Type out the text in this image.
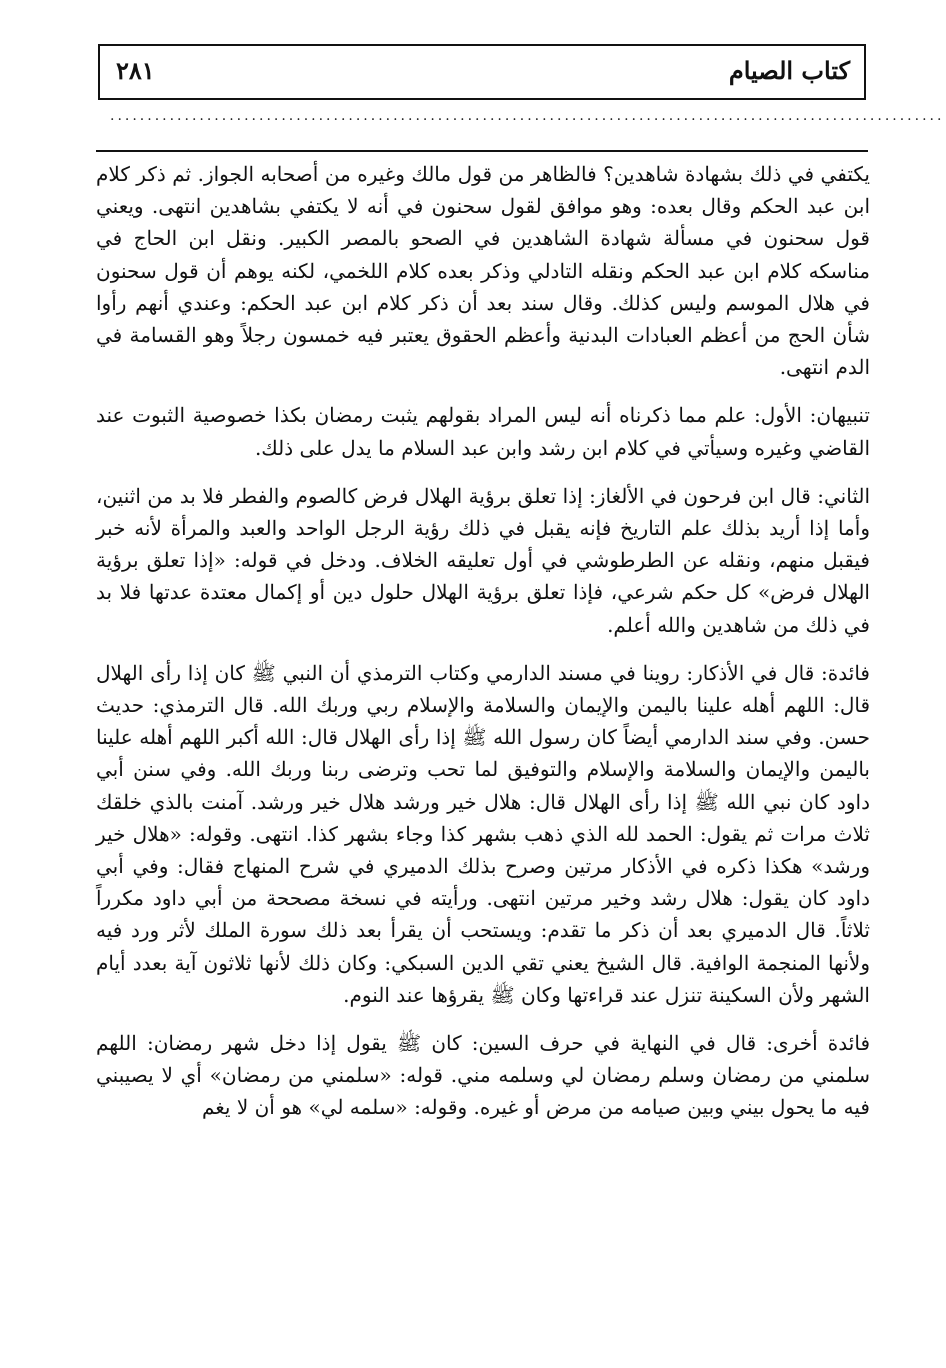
كتاب الصيام
٢٨١
................................................................................................................

يكتفي في ذلك بشهادة شاهدين؟ فالظاهر من قول مالك وغيره من أصحابه الجواز. ثم ذكر كلام ابن عبد الحكم وقال بعده: وهو موافق لقول سحنون في أنه لا يكتفي بشاهدين انتهى. ويعني قول سحنون في مسألة شهادة الشاهدين في الصحو بالمصر الكبير. ونقل ابن الحاج في مناسكه كلام ابن عبد الحكم ونقله التادلي وذكر بعده كلام اللخمي، لكنه يوهم أن قول سحنون في هلال الموسم وليس كذلك. وقال سند بعد أن ذكر كلام ابن عبد الحكم: وعندي أنهم رأوا شأن الحج من أعظم العبادات البدنية وأعظم الحقوق يعتبر فيه خمسون رجلاً وهو القسامة في الدم انتهى.

تنبيهان: الأول: علم مما ذكرناه أنه ليس المراد بقولهم يثبت رمضان بكذا خصوصية الثبوت عند القاضي وغيره وسيأتي في كلام ابن رشد وابن عبد السلام ما يدل على ذلك.

الثاني: قال ابن فرحون في الألغاز: إذا تعلق برؤية الهلال فرض كالصوم والفطر فلا بد من اثنين، وأما إذا أريد بذلك علم التاريخ فإنه يقبل في ذلك رؤية الرجل الواحد والعبد والمرأة لأنه خبر فيقبل منهم، ونقله عن الطرطوشي في أول تعليقه الخلاف. ودخل في قوله: «إذا تعلق برؤية الهلال فرض» كل حكم شرعي، فإذا تعلق برؤية الهلال حلول دين أو إكمال معتدة عدتها فلا بد في ذلك من شاهدين والله أعلم.

فائدة: قال في الأذكار: روينا في مسند الدارمي وكتاب الترمذي أن النبي ﷺ كان إذا رأى الهلال قال: اللهم أهله علينا باليمن والإيمان والسلامة والإسلام ربي وربك الله. قال الترمذي: حديث حسن. وفي سند الدارمي أيضاً كان رسول الله ﷺ إذا رأى الهلال قال: الله أكبر اللهم أهله علينا باليمن والإيمان والسلامة والإسلام والتوفيق لما تحب وترضى ربنا وربك الله. وفي سنن أبي داود كان نبي الله ﷺ إذا رأى الهلال قال: هلال خير ورشد هلال خير ورشد. آمنت بالذي خلقك ثلاث مرات ثم يقول: الحمد لله الذي ذهب بشهر كذا وجاء بشهر كذا. انتهى. وقوله: «هلال خير ورشد» هكذا ذكره في الأذكار مرتين وصرح بذلك الدميري في شرح المنهاج فقال: وفي أبي داود كان يقول: هلال رشد وخير مرتين انتهى. ورأيته في نسخة مصححة من أبي داود مكرراً ثلاثاً. قال الدميري بعد أن ذكر ما تقدم: ويستحب أن يقرأ بعد ذلك سورة الملك لأثر ورد فيه ولأنها المنجمة الوافية. قال الشيخ يعني تقي الدين السبكي: وكان ذلك لأنها ثلاثون آية بعدد أيام الشهر ولأن السكينة تنزل عند قراءتها وكان ﷺ يقرؤها عند النوم.

فائدة أخرى: قال في النهاية في حرف السين: كان ﷺ يقول إذا دخل شهر رمضان: اللهم سلمني من رمضان وسلم رمضان لي وسلمه مني. قوله: «سلمني من رمضان» أي لا يصيبني فيه ما يحول بيني وبين صيامه من مرض أو غيره. وقوله: «سلمه لي» هو أن لا يغم
